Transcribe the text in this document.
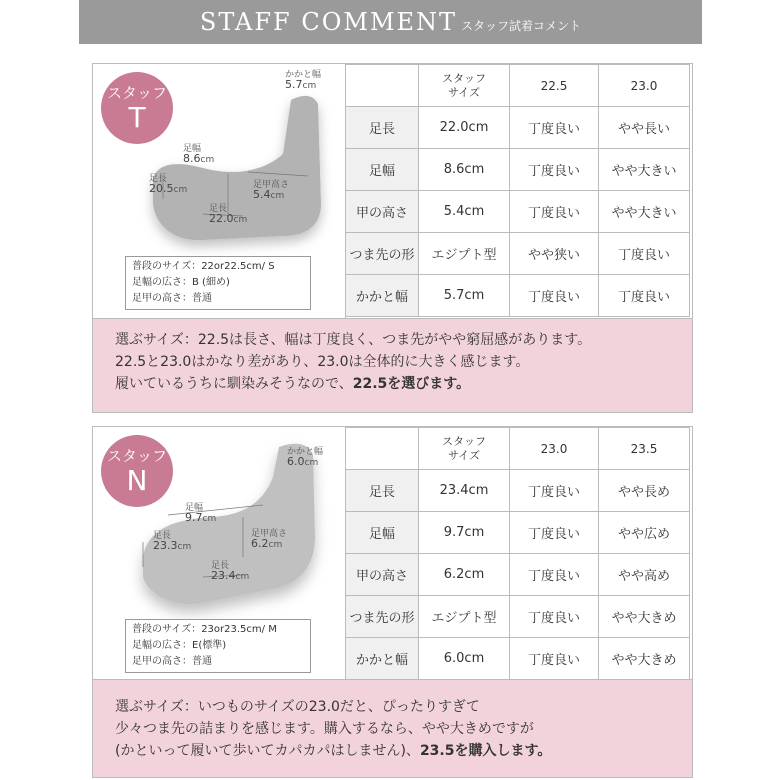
STAFF COMMENT スタッフ試着コメント
スタッフ
T
かかと幅
5.7cm
足幅
8.6cm
足長
20.5cm	足甲高さ
5.4cm
足長
22.0cm
普段のサイズ：22or22.5cm/ S
足幅の広さ：B (細め)
足甲の高さ：普通
	スタッフ
サイズ	22.5	23.0
足長	22.0cm	丁度良い	やや長い
足幅	8.6cm	丁度良い	やや大きい
甲の高さ	5.4cm	丁度良い	やや大きい
つま先の形	エジプト型	やや狭い	丁度良い
かかと幅	5.7cm	丁度良い	丁度良い
選ぶサイズ：22.5は長さ、幅は丁度良く、つま先がやや窮屈感があります。
22.5と23.0はかなり差があり、23.0は全体的に大きく感じます。
履いているうちに馴染みそうなので、22.5を選びます。
スタッフ
N
かかと幅
6.0cm
足幅
9.7cm
足長
23.3cm
足甲高さ
6.2cm
足長
23.4cm
普段のサイズ：23or23.5cm/ M
足幅の広さ：E(標準)
足甲の高さ：普通
	スタッフ
サイズ	23.0	23.5
足長	23.4cm	丁度良い	やや長め
足幅	9.7cm	丁度良い	やや広め
甲の高さ	6.2cm	丁度良い	やや高め
つま先の形	エジプト型	丁度良い	やや大きめ
かかと幅	6.0cm	丁度良い	やや大きめ
選ぶサイズ：いつものサイズの23.0だと、ぴったりすぎて
少々つま先の詰まりを感じます。購入するなら、やや大きめですが
(かといって履いて歩いてカパカパはしません)、23.5を購入します。
